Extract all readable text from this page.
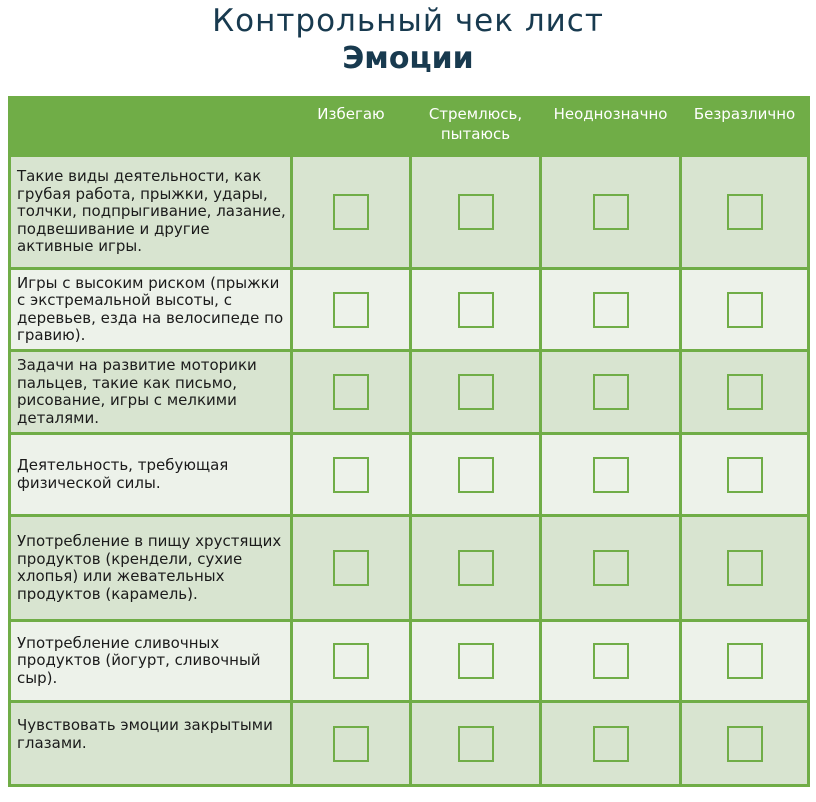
Контрольный чек лист
Эмоции
	Избегаю	Стремлюсь, пытаюсь	Неоднозначно	Безразлично
Такие виды деятельности, как грубая работа, прыжки, удары, толчки, подпрыгивание, лазание, подвешивание и другие активные игры.				
Игры с высоким риском (прыжки с экстремальной высоты, с деревьев, езда на велосипеде по гравию).				
Задачи на развитие моторики пальцев, такие как письмо, рисование, игры с мелкими деталями.				
Деятельность, требующая физической силы.				
Употребление в пищу хрустящих продуктов (крендели, сухие хлопья) или жевательных продуктов (карамель).				
Употребление сливочных продуктов (йогурт, сливочный сыр).				
Чувствовать эмоции закрытыми глазами.				
